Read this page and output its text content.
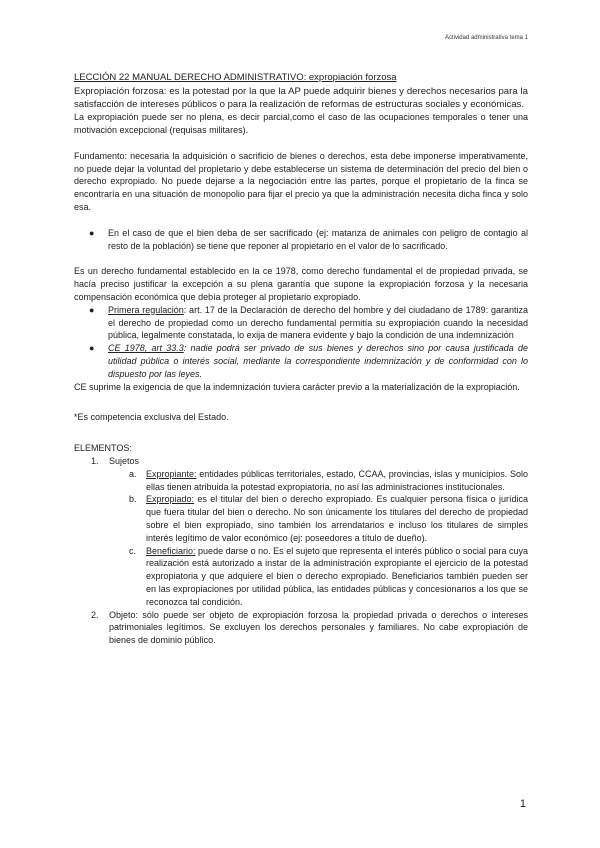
Actividad administrativa tema 1

LECCIÓN 22 MANUAL DERECHO ADMINISTRATIVO: expropiación forzosa

Expropiación forzosa: es la potestad por la que la AP puede adquirir bienes y derechos necesarios para la satisfacción de intereses públicos o para la realización de reformas de estructuras sociales y económicas.

La expropiación puede ser no plena, es decir parcial,como el caso de las ocupaciones temporales o tener una motivación excepcional (requisas militares).

Fundamento: necesaria la adquisición o sacrificio de bienes o derechos, esta debe imponerse imperativamente, no puede dejar la voluntad del propietario y debe establecerse un sistema de determinación del precio del bien o derecho expropiado. No puede dejarse a la negociación entre las partes, porque el propietario de la finca se encontraría en una situación de monopolio para fijar el precio ya que la administración necesita dicha finca y solo esa.

● En el caso de que el bien deba de ser sacrificado (ej: matanza de animales con peligro de contagio al resto de la población) se tiene que reponer al propietario en el valor de lo sacrificado.

Es un derecho fundamental establecido en la ce 1978, como derecho fundamental el de propiedad privada, se hacía preciso justificar la excepción a su plena garantía que supone la expropiación forzosa y la necesaria compensación económica que debía proteger al propietario expropiado.

● Primera regulación: art. 17 de la Declaración de derecho del hombre y del ciudadano de 1789: garantiza el derecho de propiedad como un derecho fundamental permitía su expropiación cuando la necesidad pública, legalmente constatada, lo exija de manera evidente y bajo la condición de una indemnización
● CE 1978, art 33.3: nadie podrá ser privado de sus bienes y derechos sino por causa justificada de utilidad pública o interés social, mediante la correspondiente indemnización y de conformidad con lo dispuesto por las leyes.

CE suprime la exigencia de que la indemnización tuviera carácter previo a la materialización de la expropiación.

*Es competencia exclusiva del Estado.

ELEMENTOS:

1. Sujetos
a. Expropiante: entidades públicas territoriales, estado, CCAA, provincias, islas y municipios. Solo ellas tienen atribuida la potestad expropiatoria, no así las administraciones institucionales.
b. Expropiado: es el titular del bien o derecho expropiado. Es cualquier persona física o jurídica que fuera titular del bien o derecho. No son únicamente los titulares del derecho de propiedad sobre el bien expropiado, sino también los arrendatarios e incluso los titulares de simples interés legítimo de valor económico (ej: poseedores a título de dueño).
c. Beneficiario: puede darse o no. Es el sujeto que representa el interés público o social para cuya realización está autorizado a instar de la administración expropiante el ejercicio de la potestad expropiatoria y que adquiere el bien o derecho expropiado. Beneficiarios también pueden ser en las expropiaciones por utilidad pública, las entidades públicas y concesionarios a los que se reconozca tal condición.
2. Objeto: sólo puede ser objeto de expropiación forzosa la propiedad privada o derechos o intereses patrimoniales legítimos. Se excluyen los derechos personales y familiares. No cabe expropiación de bienes de dominio público.
1
